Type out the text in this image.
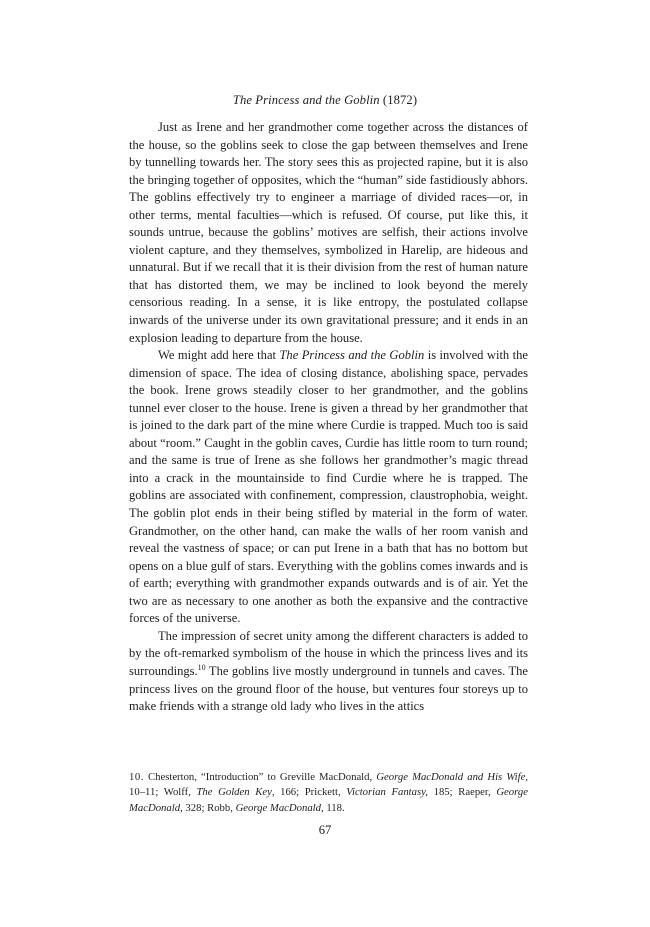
The Princess and the Goblin (1872)

Just as Irene and her grandmother come together across the distances of the house, so the goblins seek to close the gap between themselves and Irene by tunnelling towards her. The story sees this as projected rapine, but it is also the bringing together of opposites, which the “human” side fastidiously abhors. The goblins effectively try to engineer a marriage of divided races—or, in other terms, mental faculties—which is refused. Of course, put like this, it sounds untrue, because the goblins’ motives are selfish, their actions involve violent capture, and they themselves, symbolized in Harelip, are hideous and unnatural. But if we recall that it is their division from the rest of human nature that has distorted them, we may be inclined to look beyond the merely censorious reading. In a sense, it is like entropy, the postulated collapse inwards of the universe under its own gravitational pressure; and it ends in an explosion leading to departure from the house.

We might add here that The Princess and the Goblin is involved with the dimension of space. The idea of closing distance, abolishing space, pervades the book. Irene grows steadily closer to her grandmother, and the goblins tunnel ever closer to the house. Irene is given a thread by her grandmother that is joined to the dark part of the mine where Curdie is trapped. Much too is said about “room.” Caught in the goblin caves, Curdie has little room to turn round; and the same is true of Irene as she follows her grandmother’s magic thread into a crack in the mountainside to find Curdie where he is trapped. The goblins are associated with confinement, compression, claustrophobia, weight. The goblin plot ends in their being stifled by material in the form of water. Grandmother, on the other hand, can make the walls of her room vanish and reveal the vastness of space; or can put Irene in a bath that has no bottom but opens on a blue gulf of stars. Everything with the goblins comes inwards and is of earth; everything with grandmother expands outwards and is of air. Yet the two are as necessary to one another as both the expansive and the contractive forces of the universe.

The impression of secret unity among the different characters is added to by the oft-remarked symbolism of the house in which the princess lives and its surroundings.$^{10}$ The goblins live mostly underground in tunnels and caves. The princess lives on the ground floor of the house, but ventures four storeys up to make friends with a strange old lady who lives in the attics

10. Chesterton, “Introduction” to Greville MacDonald, George MacDonald and His Wife, 10–11; Wolff, The Golden Key, 166; Prickett, Victorian Fantasy, 185; Raeper, George MacDonald, 328; Robb, George MacDonald, 118.
67
